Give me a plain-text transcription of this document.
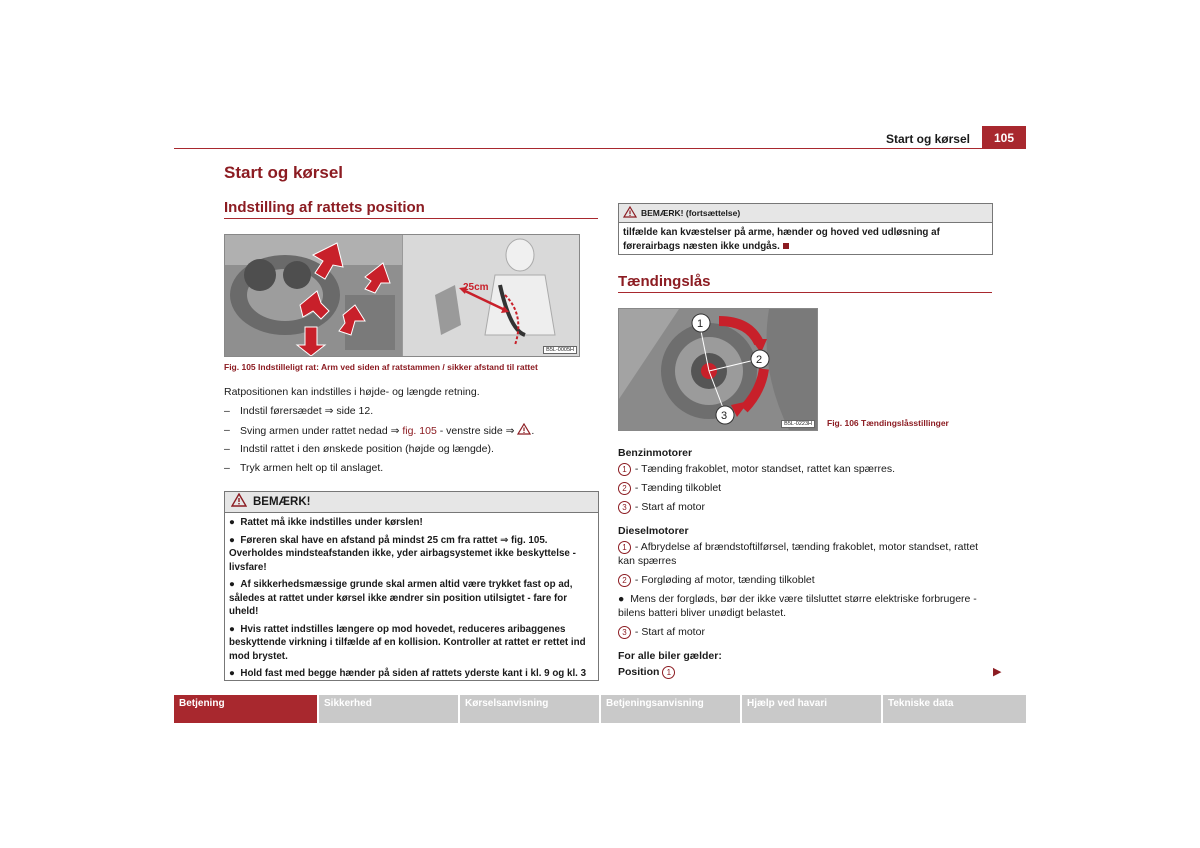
Start og kørsel	105
Start og kørsel
Indstilling af rattets position
25cm
B5L-0005H
Fig. 105 Indstilleligt rat: Arm ved siden af ratstammen / sikker afstand til rattet
Ratpositionen kan indstilles i højde- og længde retning.
– Indstil førersædet ⇒ side 12.
– Sving armen under rattet nedad ⇒ fig. 105 - venstre side ⇒ .
– Indstil rattet i den ønskede position (højde og længde).
– Tryk armen helt op til anslaget.
BEMÆRK!
●  Rattet må ikke indstilles under kørslen!
●  Føreren skal have en afstand på mindst 25 cm fra rattet ⇒ fig. 105. Overholdes mindsteafstanden ikke, yder airbagsystemet ikke beskyttelse - livsfare!
●  Af sikkerhedsmæssige grunde skal armen altid være trykket fast op ad, således at rattet under kørsel ikke ændrer sin position utilsigtet - fare for uheld!
●  Hvis rattet indstilles længere op mod hovedet, reduceres aribaggenes beskyttende virkning i tilfælde af en kollision. Kontroller at rattet er rettet ind mod brystet.
●  Hold fast med begge hænder på siden af rattets yderste kant i kl. 9 og kl. 3
BEMÆRK! (fortsættelse)
tilfælde kan kvæstelser på arme, hænder og hoved ved udløsning af førerairbags næsten ikke undgås.
Tændingslås
1
2
3
B5L-0223H	Fig. 106 Tændingslåsstillinger
Benzinmotorer
1 - Tænding frakoblet, motor standset, rattet kan spærres.
2 - Tænding tilkoblet
3 - Start af motor
Dieselmotorer
1 - Afbrydelse af brændstoftilførsel, tænding frakoblet, motor standset, rattet kan spærres
2 - Forgløding af motor, tænding tilkoblet
●  Mens der forgløds, bør der ikke være tilsluttet større elektriske forbrugere - bilens batteri bliver unødigt belastet.
3 - Start af motor
For alle biler gælder:
Position 1	▶
Betjening	Sikkerhed	Kørselsanvisning	Betjeningsanvisning	Hjælp ved havari	Tekniske data
